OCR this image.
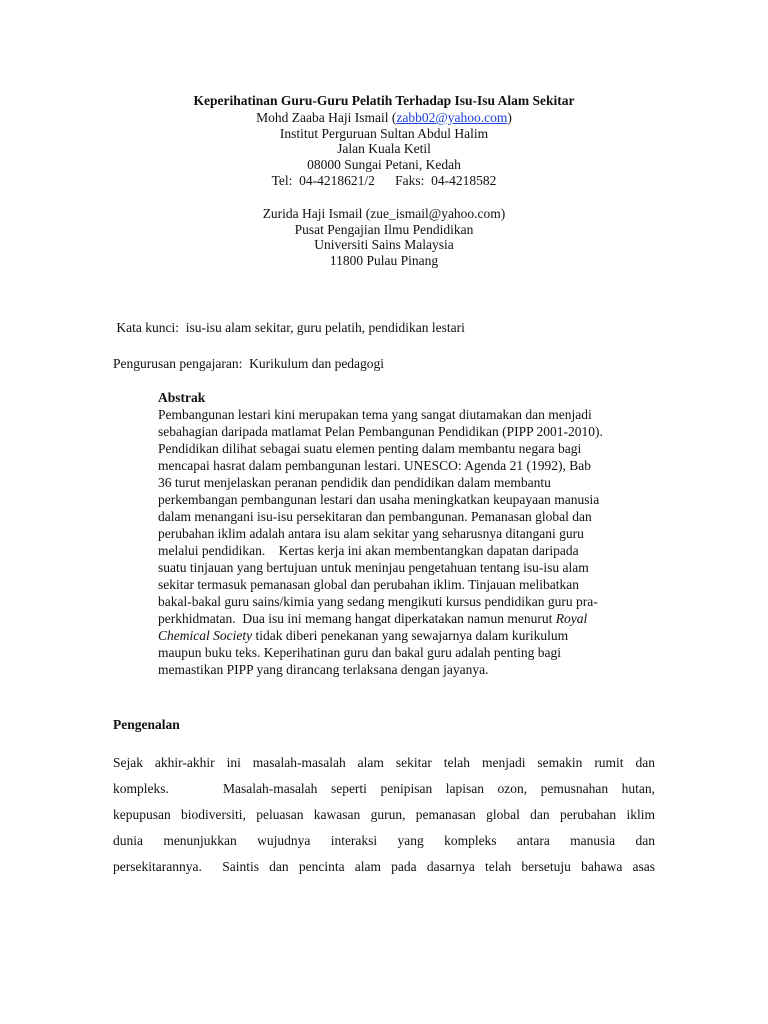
Keperihatinan Guru-Guru Pelatih Terhadap Isu-Isu Alam Sekitar
Mohd Zaaba Haji Ismail (zabb02@yahoo.com)
Institut Perguruan Sultan Abdul Halim
Jalan Kuala Ketil
08000 Sungai Petani, Kedah
Tel:  04-4218621/2      Faks:  04-4218582
Zurida Haji Ismail (zue_ismail@yahoo.com)
Pusat Pengajian Ilmu Pendidikan
Universiti Sains Malaysia
11800 Pulau Pinang
Kata kunci:  isu-isu alam sekitar, guru pelatih, pendidikan lestari
Pengurusan pengajaran:  Kurikulum dan pedagogi
Abstrak
Pembangunan lestari kini merupakan tema yang sangat diutamakan dan menjadi
sebahagian daripada matlamat Pelan Pembangunan Pendidikan (PIPP 2001-2010).
Pendidikan dilihat sebagai suatu elemen penting dalam membantu negara bagi
mencapai hasrat dalam pembangunan lestari. UNESCO: Agenda 21 (1992), Bab
36 turut menjelaskan peranan pendidik dan pendidikan dalam membantu
perkembangan pembangunan lestari dan usaha meningkatkan keupayaan manusia
dalam menangani isu-isu persekitaran dan pembangunan. Pemanasan global dan
perubahan iklim adalah antara isu alam sekitar yang seharusnya ditangani guru
melalui pendidikan.    Kertas kerja ini akan membentangkan dapatan daripada
suatu tinjauan yang bertujuan untuk meninjau pengetahuan tentang isu-isu alam
sekitar termasuk pemanasan global dan perubahan iklim. Tinjauan melibatkan
bakal-bakal guru sains/kimia yang sedang mengikuti kursus pendidikan guru pra-
perkhidmatan.  Dua isu ini memang hangat diperkatakan namun menurut Royal
Chemical Society tidak diberi penekanan yang sewajarnya dalam kurikulum
maupun buku teks. Keperihatinan guru dan bakal guru adalah penting bagi
memastikan PIPP yang dirancang terlaksana dengan jayanya.
Pengenalan
Sejak akhir-akhir ini masalah-masalah alam sekitar telah menjadi semakin rumit dan
kompleks.    Masalah-masalah seperti penipisan lapisan ozon, pemusnahan hutan,
kepupusan biodiversiti, peluasan kawasan gurun, pemanasan global dan perubahan iklim
dunia menunjukkan wujudnya interaksi yang kompleks antara manusia dan
persekitarannya.  Saintis dan pencinta alam pada dasarnya telah bersetuju bahawa asas
